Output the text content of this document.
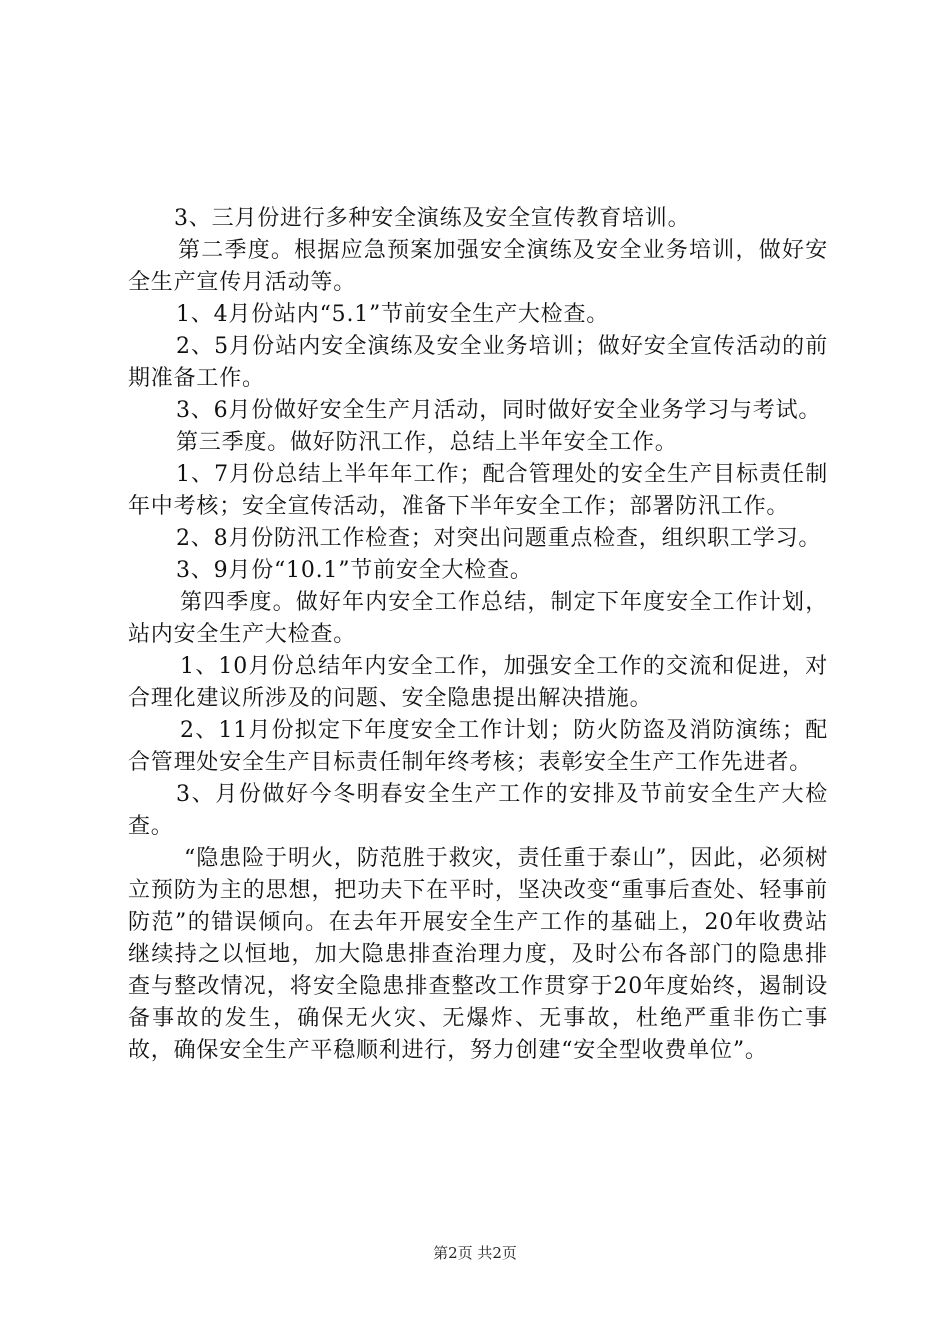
3、三月份进行多种安全演练及安全宣传教育培训。

第二季度。根据应急预案加强安全演练及安全业务培训，做好安全生产宣传月活动等。

1、4月份站内“5.1”节前安全生产大检查。

2、5月份站内安全演练及安全业务培训；做好安全宣传活动的前期准备工作。

3、6月份做好安全生产月活动，同时做好安全业务学习与考试。

第三季度。做好防汛工作，总结上半年安全工作。

1、7月份总结上半年年工作；配合管理处的安全生产目标责任制年中考核；安全宣传活动，准备下半年安全工作；部署防汛工作。

2、8月份防汛工作检查；对突出问题重点检查，组织职工学习。

3、9月份“10.1”节前安全大检查。

第四季度。做好年内安全工作总结，制定下年度安全工作计划，站内安全生产大检查。

1、10月份总结年内安全工作，加强安全工作的交流和促进，对合理化建议所涉及的问题、安全隐患提出解决措施。

2、11月份拟定下年度安全工作计划；防火防盗及消防演练；配合管理处安全生产目标责任制年终考核；表彰安全生产工作先进者。

3、月份做好今冬明春安全生产工作的安排及节前安全生产大检查。

“隐患险于明火，防范胜于救灾，责任重于泰山”，因此，必须树立预防为主的思想，把功夫下在平时，坚决改变“重事后查处、轻事前防范”的错误倾向。在去年开展安全生产工作的基础上，20年收费站继续持之以恒地，加大隐患排查治理力度，及时公布各部门的隐患排查与整改情况，将安全隐患排查整改工作贯穿于20年度始终，遏制设备事故的发生，确保无火灾、无爆炸、无事故，杜绝严重非伤亡事故，确保安全生产平稳顺利进行，努力创建“安全型收费单位”。

第2页 共2页
